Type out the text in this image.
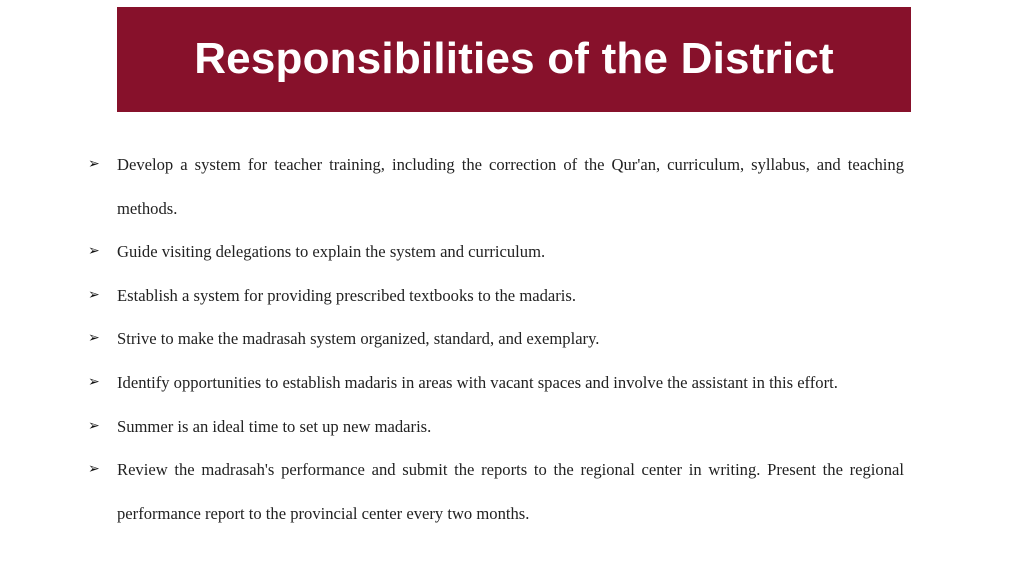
Responsibilities of the District
➢ Develop a system for teacher training, including the correction of the Qur'an, curriculum, syllabus, and teaching methods.
➢ Guide visiting delegations to explain the system and curriculum.
➢ Establish a system for providing prescribed textbooks to the madaris.
➢ Strive to make the madrasah system organized, standard, and exemplary.
➢ Identify opportunities to establish madaris in areas with vacant spaces and involve the assistant in this effort.
➢ Summer is an ideal time to set up new madaris.
➢ Review the madrasah's performance and submit the reports to the regional center in writing. Present the regional performance report to the provincial center every two months.
